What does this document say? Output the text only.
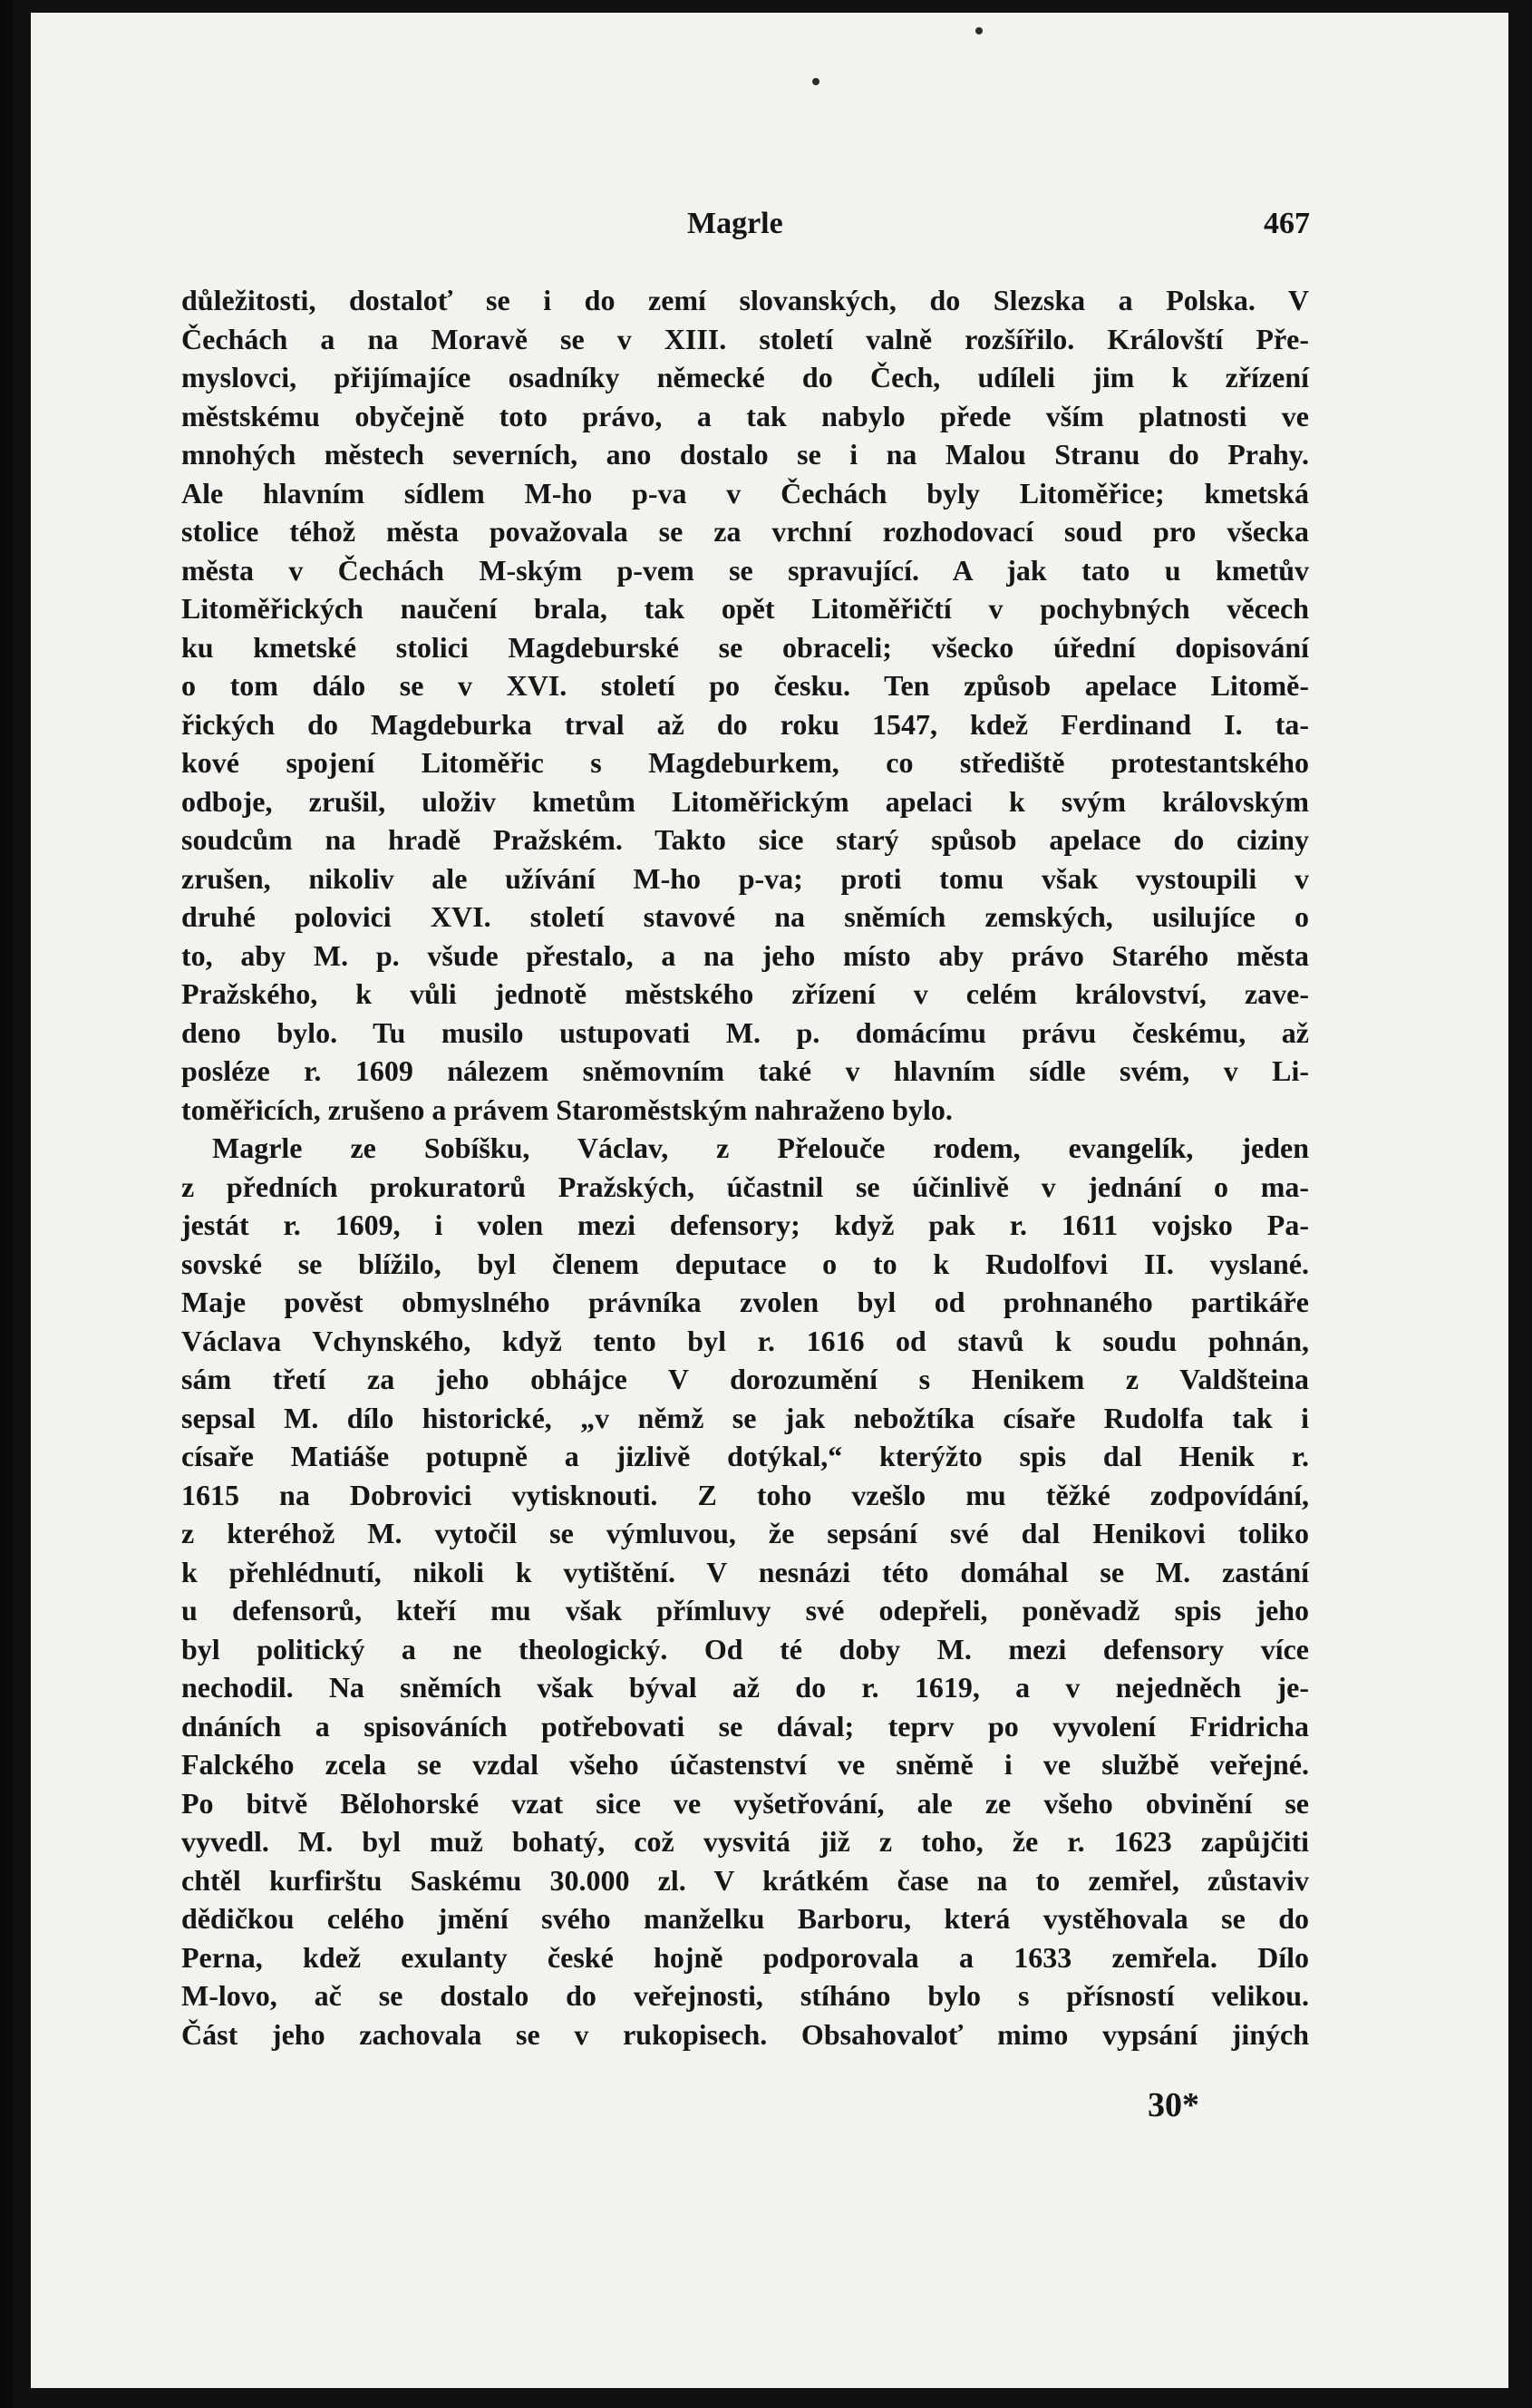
Magrle	467
důležitosti, dostaloť se i do zemí slovanských, do Slezska a Polska. V
Čechách a na Moravě se v XIII. století valně rozšířilo. Královští Pře-
myslovci, přijímajíce osadníky německé do Čech, udíleli jim k zřízení
městskému obyčejně toto právo, a tak nabylo přede vším platnosti ve
mnohých městech severních, ano dostalo se i na Malou Stranu do Prahy.
Ale hlavním sídlem M-ho p-va v Čechách byly Litoměřice; kmetská
stolice téhož města považovala se za vrchní rozhodovací soud pro všecka
města v Čechách M-ským p-vem se spravující. A jak tato u kmetův
Litoměřických naučení brala, tak opět Litoměřičtí v pochybných věcech
ku kmetské stolici Magdeburské se obraceli; všecko úřední dopisování
o tom dálo se v XVI. století po česku. Ten způsob apelace Litomě-
řických do Magdeburka trval až do roku 1547, kdež Ferdinand I. ta-
kové spojení Litoměřic s Magdeburkem, co střediště protestantského
odboje, zrušil, uloživ kmetům Litoměřickým apelaci k svým královským
soudcům na hradě Pražském. Takto sice starý spůsob apelace do ciziny
zrušen, nikoliv ale užívání M-ho p-va; proti tomu však vystoupili v
druhé polovici XVI. století stavové na sněmích zemských, usilujíce o
to, aby M. p. všude přestalo, a na jeho místo aby právo Starého města
Pražského, k vůli jednotě městského zřízení v celém království, zave-
deno bylo. Tu musilo ustupovati M. p. domácímu právu českému, až
posléze r. 1609 nálezem sněmovním také v hlavním sídle svém, v Li-
toměřicích, zrušeno a právem Staroměstským nahraženo bylo.
Magrle ze Sobíšku, Václav, z Přelouče rodem, evangelík, jeden
z předních prokuratorů Pražských, účastnil se účinlivě v jednání o ma-
jestát r. 1609, i volen mezi defensory; když pak r. 1611 vojsko Pa-
sovské se blížilo, byl členem deputace o to k Rudolfovi II. vyslané.
Maje pověst obmyslného právníka zvolen byl od prohnaného partikáře
Václava Vchynského, když tento byl r. 1616 od stavů k soudu pohnán,
sám třetí za jeho obhájce V dorozumění s Henikem z Valdšteina
sepsal M. dílo historické, „v němž se jak nebožtíka císaře Rudolfa tak i
císaře Matiáše potupně a jizlivě dotýkal,“ kterýžto spis dal Henik r.
1615 na Dobrovici vytisknouti. Z toho vzešlo mu těžké zodpovídání,
z kteréhož M. vytočil se výmluvou, že sepsání své dal Henikovi toliko
k přehlédnutí, nikoli k vytištění. V nesnázi této domáhal se M. zastání
u defensorů, kteří mu však přímluvy své odepřeli, poněvadž spis jeho
byl politický a ne theologický. Od té doby M. mezi defensory více
nechodil. Na sněmích však býval až do r. 1619, a v nejedněch je-
dnáních a spisováních potřebovati se dával; teprv po vyvolení Fridricha
Falckého zcela se vzdal všeho účastenství ve sněmě i ve službě veřejné.
Po bitvě Bělohorské vzat sice ve vyšetřování, ale ze všeho obvinění se
vyvedl. M. byl muž bohatý, což vysvitá již z toho, že r. 1623 zapůjčiti
chtěl kurfirštu Saskému 30.000 zl. V krátkém čase na to zemřel, zůstaviv
dědičkou celého jmění svého manželku Barboru, která vystěhovala se do
Perna, kdež exulanty české hojně podporovala a 1633 zemřela. Dílo
M-lovo, ač se dostalo do veřejnosti, stíháno bylo s přísností velikou.
Část jeho zachovala se v rukopisech. Obsahovaloť mimo vypsání jiných
30*
